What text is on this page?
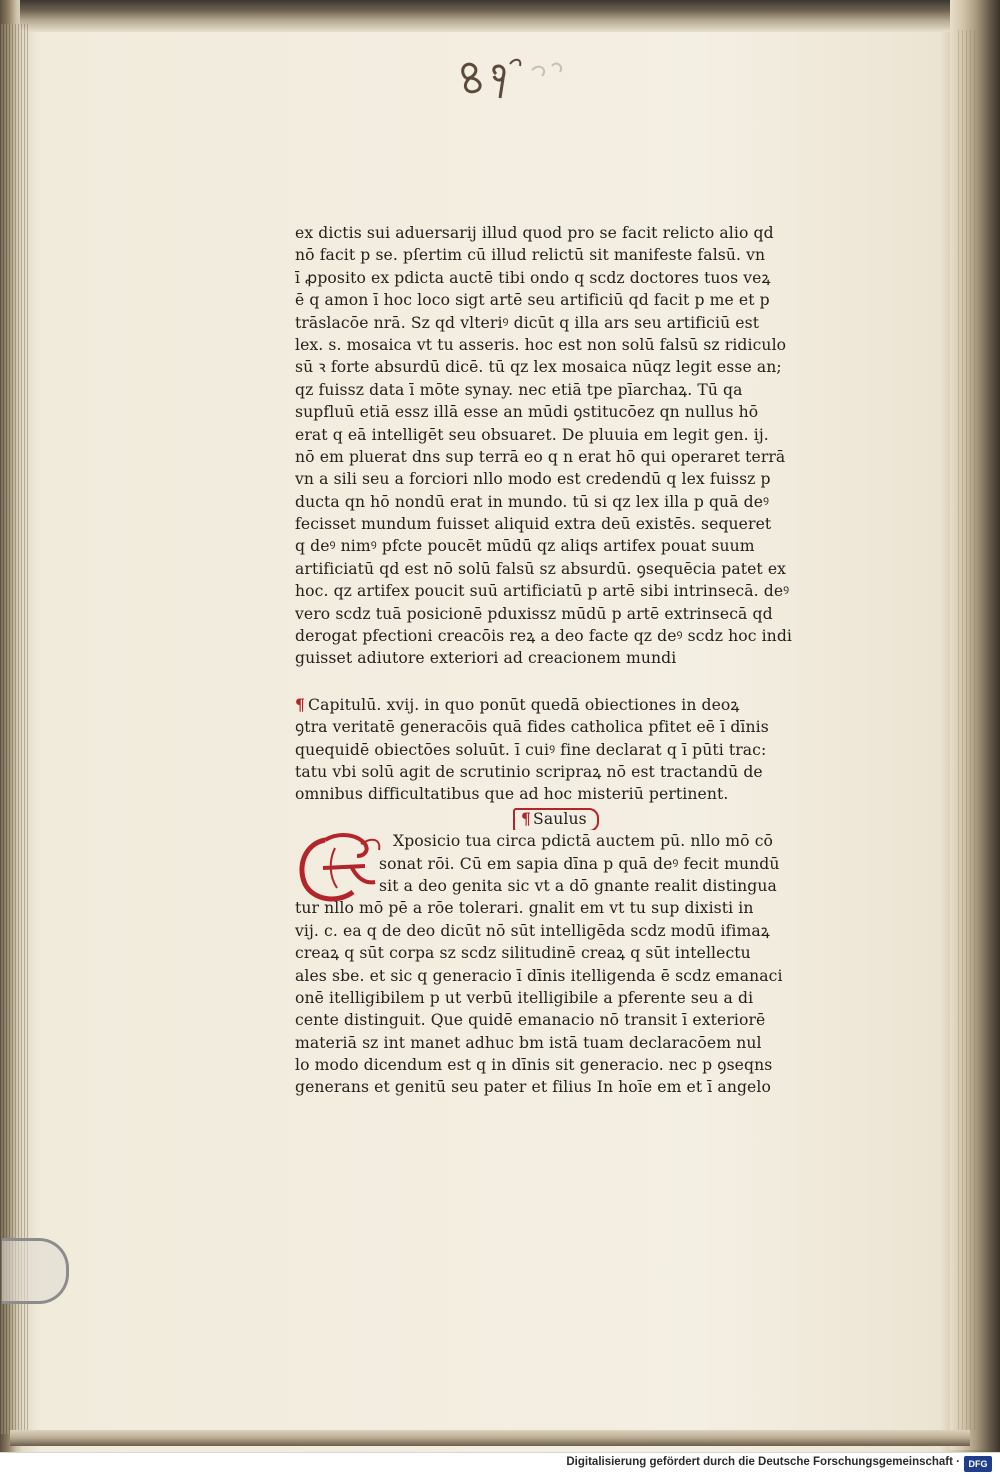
ex dictis sui aduersarij illud quod pro se facit relicto alio qd
nō facit p se. pſertim cū illud relictū sit manifeste falsū. vn
ī ꝓposito ex pdicta auctē tibi ondo q scdz doctores tuos veꝝ
ē q amon ī hoc loco sigt artē seu artificiū qd facit p me et p
trāslacōe nrā. Sz qd vlteriꝰ dicūt q illa ars seu artificiū est
lex. s. mosaica vt tu asseris. hoc est non solū falsū sz ridiculo
sū ꝛ forte absurdū dicē. tū qz lex mosaica nūqz legit esse an;
qz fuissz data ī mōte synay. nec etiā tpe pīarchaꝝ. Tū qa
supfluū etiā essz illā esse an mūdi ꝯstitucōez qn nullus hō
erat q eā intelligēt seu obsuaret. De pluuia em legit gen. ij.
nō em pluerat dns sup terrā eo q n erat hō qui operaret terrā
vn a sili seu a forciori nllo modo est credendū q lex fuissz p
ducta qn hō nondū erat in mundo. tū si qz lex illa p quā deꝰ
fecisset mundum fuisset aliquid extra deū existēs. sequeret
q deꝰ nimꝰ pfcte poucēt mūdū qz aliqs artifex pouat suum
artificiatū qd est nō solū falsū sz absurdū. ꝯsequēcia patet ex
hoc. qz artifex poucit suū artificiatū p artē sibi intrinsecā. deꝰ
vero scdz tuā posicionē pduxissz mūdū p artē extrinsecā qd
derogat pfectioni creacōis reꝝ a deo facte qz deꝰ scdz hoc indi
guisset adiutore exteriori ad creacionem mundi
¶ Capitulū. xvij. in quo ponūt quedā obiectiones in deoꝝ
ꝯtra veritatē generacōis quā fides catholica pfitet eē ī dīnis
quequidē obiectōes soluūt. ī cuiꝰ fine declarat q ī pūti trac:
tatu vbi solū agit de scrutinio scripraꝝ nō est tractandū de
omnibus difficultatibus que ad hoc misteriū pertinent.
¶ Saulus
Xposicio tua circa pdictā auctem pū. nllo mō cō
sonat rōi. Cū em sapia dīna p quā deꝰ fecit mundū
sit a deo genita sic vt a dō gnante realit distingua
tur nllo mō pē a rōe tolerari. gnalit em vt tu sup dixisti in
vij. c. ea q de deo dicūt nō sūt intelligēda scdz modū ifimaꝝ
creaꝝ q sūt corpa sz scdz silitudinē creaꝝ q sūt intellectu
ales sbe. et sic q generacio ī dīnis itelligenda ē scdz emanaci
onē itelligibilem p ut verbū itelligibile a pferente seu a di
cente distinguit. Que quidē emanacio nō transit ī exteriorē
materiā sz int manet adhuc bm istā tuam declaracōem nul
lo modo dicendum est q in dīnis sit generacio. nec p ꝯseqns
generans et genitū seu pater et filius In hoīe em et ī angelo
Digitalisierung gefördert durch die Deutsche Forschungsgemeinschaft · DFG
